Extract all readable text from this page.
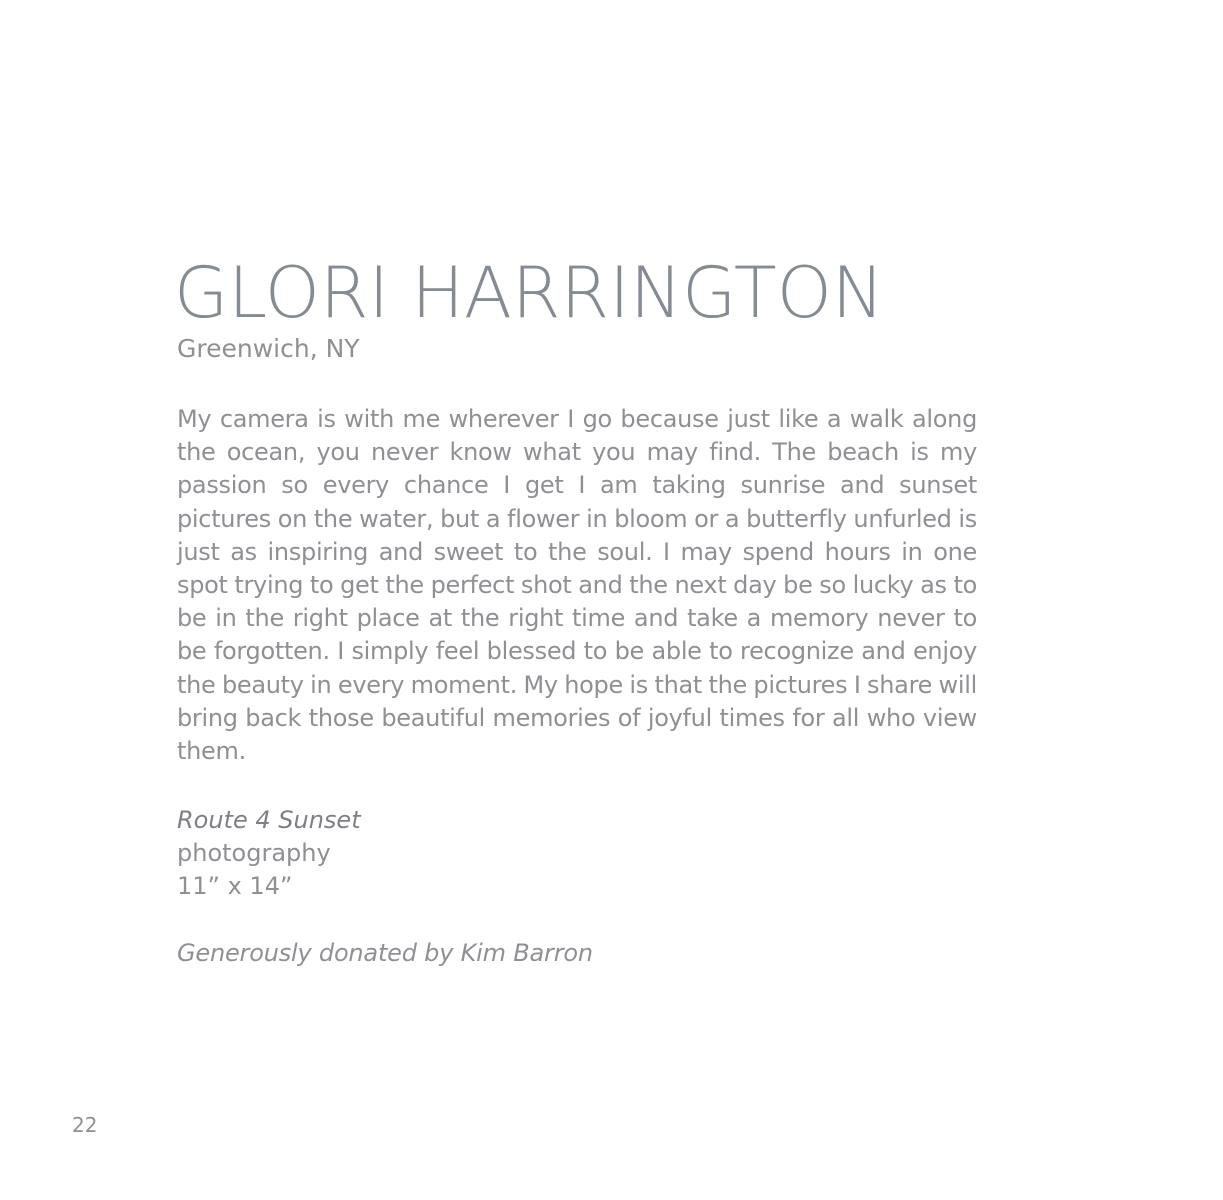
GLORI HARRINGTON
Greenwich, NY

My camera is with me wherever I go because just like a walk along the ocean, you never know what you may find. The beach is my passion so every chance I get I am taking sunrise and sunset pictures on the water, but a flower in bloom or a butterfly unfurled is just as inspiring and sweet to the soul. I may spend hours in one spot trying to get the perfect shot and the next day be so lucky as to be in the right place at the right time and take a memory never to be forgotten. I simply feel blessed to be able to recognize and enjoy the beauty in every moment. My hope is that the pictures I share will bring back those beautiful memories of joyful times for all who view them.

Route 4 Sunset
photography
11” x 14”
Generously donated by Kim Barron
22
